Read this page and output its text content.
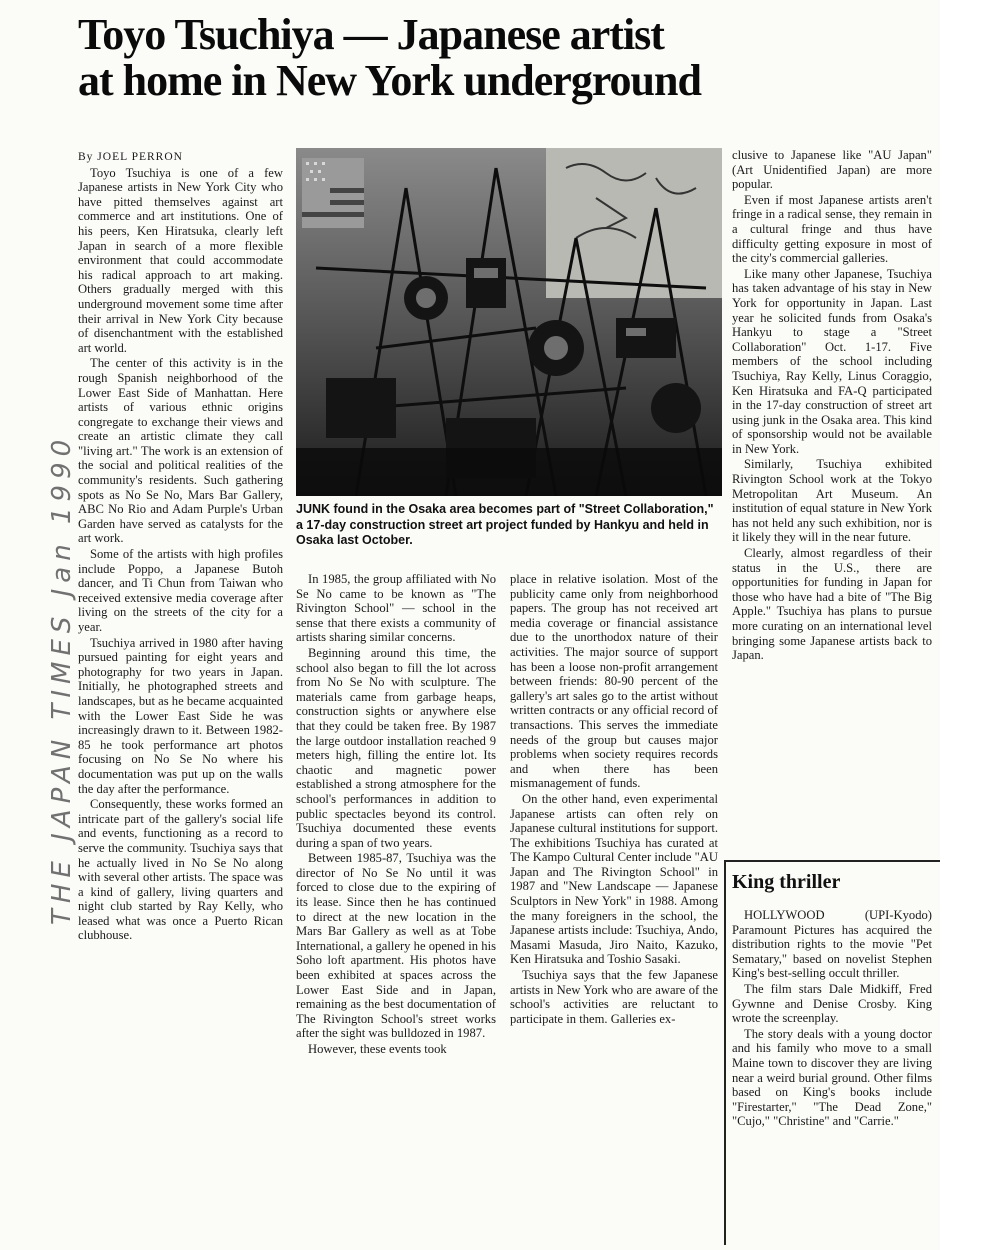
Toyo Tsuchiya — Japanese artist
at home in New York underground
THE JAPAN TIMES Jan 1990

By JOEL PERRON

Toyo Tsuchiya is one of a few Japanese artists in New York City who have pitted themselves against art commerce and art institutions. One of his peers, Ken Hiratsuka, clearly left Japan in search of a more flexible environment that could accommodate his radical approach to art making. Others gradually merged with this underground movement some time after their arrival in New York City because of disenchantment with the established art world.

The center of this activity is in the rough Spanish neighborhood of the Lower East Side of Manhattan. Here artists of various ethnic origins congregate to exchange their views and create an artistic climate they call "living art." The work is an extension of the social and political realities of the community's residents. Such gathering spots as No Se No, Mars Bar Gallery, ABC No Rio and Adam Purple's Urban Garden have served as catalysts for the art work.

Some of the artists with high profiles include Poppo, a Japanese Butoh dancer, and Ti Chun from Taiwan who received extensive media coverage after living on the streets of the city for a year.

Tsuchiya arrived in 1980 after having pursued painting for eight years and photography for two years in Japan. Initially, he photographed streets and landscapes, but as he became acquainted with the Lower East Side he was increasingly drawn to it. Between 1982-85 he took performance art photos focusing on No Se No where his documentation was put up on the walls the day after the performance.

Consequently, these works formed an intricate part of the gallery's social life and events, functioning as a record to serve the community. Tsuchiya says that he actually lived in No Se No along with several other artists. The space was a kind of gallery, living quarters and night club started by Ray Kelly, who leased what was once a Puerto Rican clubhouse.

JUNK found in the Osaka area becomes part of "Street Collaboration," a 17-day construction street art project funded by Hankyu and held in Osaka last October.

In 1985, the group affiliated with No Se No came to be known as "The Rivington School" — school in the sense that there exists a community of artists sharing similar concerns.

Beginning around this time, the school also began to fill the lot across from No Se No with sculpture. The materials came from garbage heaps, construction sights or anywhere else that they could be taken free. By 1987 the large outdoor installation reached 9 meters high, filling the entire lot. Its chaotic and magnetic power established a strong atmosphere for the school's performances in addition to public spectacles beyond its control. Tsuchiya documented these events during a span of two years.

Between 1985-87, Tsuchiya was the director of No Se No until it was forced to close due to the expiring of its lease. Since then he has continued to direct at the new location in the Mars Bar Gallery as well as at Tobe International, a gallery he opened in his Soho loft apartment. His photos have been exhibited at spaces across the Lower East Side and in Japan, remaining as the best documentation of The Rivington School's street works after the sight was bulldozed in 1987.

However, these events took

place in relative isolation. Most of the publicity came only from neighborhood papers. The group has not received art media coverage or financial assistance due to the unorthodox nature of their activities. The major source of support has been a loose non-profit arrangement between friends: 80-90 percent of the gallery's art sales go to the artist without written contracts or any official record of transactions. This serves the immediate needs of the group but causes major problems when society requires records and when there has been mismanagement of funds.

On the other hand, even experimental Japanese artists can often rely on Japanese cultural institutions for support. The exhibitions Tsuchiya has curated at The Kampo Cultural Center include "AU Japan and The Rivington School" in 1987 and "New Landscape — Japanese Sculptors in New York" in 1988. Among the many foreigners in the school, the Japanese artists include: Tsuchiya, Ando, Masami Masuda, Jiro Naito, Kazuko, Ken Hiratsuka and Toshio Sasaki.

Tsuchiya says that the few Japanese artists in New York who are aware of the school's activities are reluctant to participate in them. Galleries ex-

clusive to Japanese like "AU Japan" (Art Unidentified Japan) are more popular.

Even if most Japanese artists aren't fringe in a radical sense, they remain in a cultural fringe and thus have difficulty getting exposure in most of the city's commercial galleries.

Like many other Japanese, Tsuchiya has taken advantage of his stay in New York for opportunity in Japan. Last year he solicited funds from Osaka's Hankyu to stage a "Street Collaboration" Oct. 1-17. Five members of the school including Tsuchiya, Ray Kelly, Linus Coraggio, Ken Hiratsuka and FA-Q participated in the 17-day construction of street art using junk in the Osaka area. This kind of sponsorship would not be available in New York.

Similarly, Tsuchiya exhibited Rivington School work at the Tokyo Metropolitan Art Museum. An institution of equal stature in New York has not held any such exhibition, nor is it likely they will in the near future.

Clearly, almost regardless of their status in the U.S., there are opportunities for funding in Japan for those who have had a bite of "The Big Apple." Tsuchiya has plans to pursue more curating on an international level bringing some Japanese artists back to Japan.

King thriller

HOLLYWOOD (UPI-Kyodo) Paramount Pictures has acquired the distribution rights to the movie "Pet Sematary," based on novelist Stephen King's best-selling occult thriller.

The film stars Dale Midkiff, Fred Gywnne and Denise Crosby. King wrote the screenplay.

The story deals with a young doctor and his family who move to a small Maine town to discover they are living near a weird burial ground. Other films based on King's books include "Firestarter," "The Dead Zone," "Cujo," "Christine" and "Carrie."
